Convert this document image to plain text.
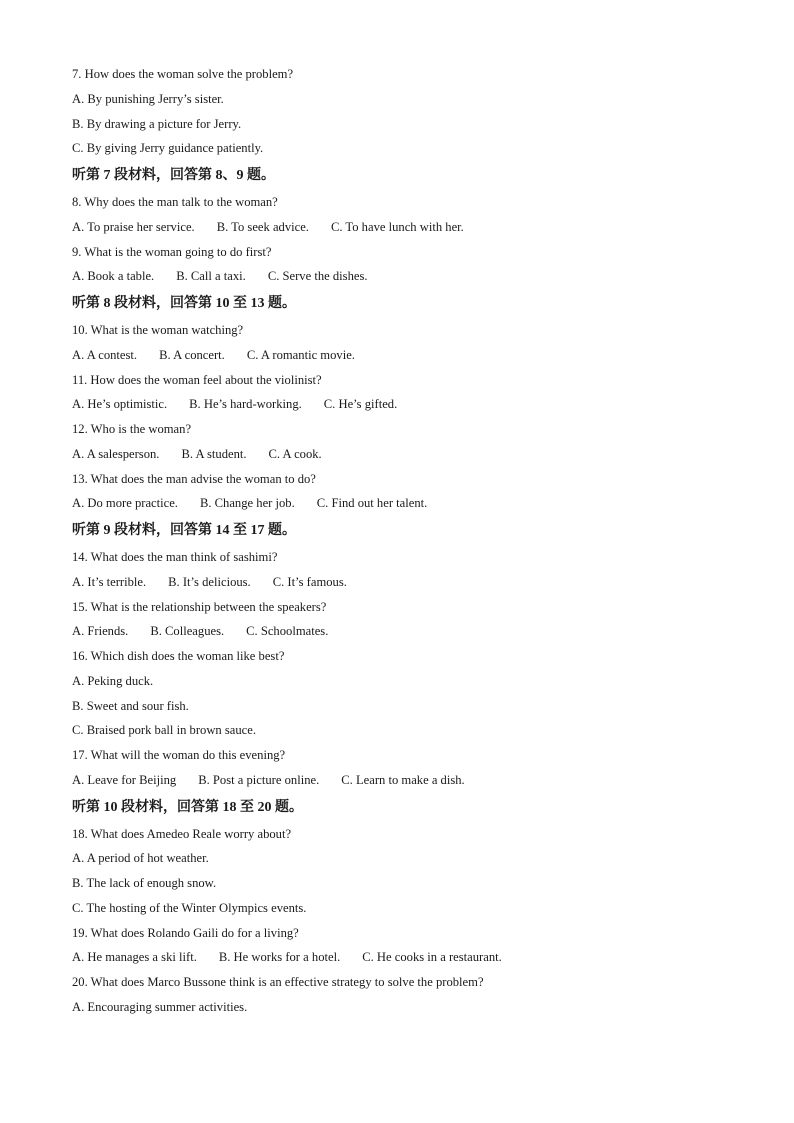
7. How does the woman solve the problem?
A. By punishing Jerry’s sister.
B. By drawing a picture for Jerry.
C. By giving Jerry guidance patiently.
听第 7 段材料，回答第 8、9 题。
8. Why does the man talk to the woman?
A. To praise her service. B. To seek advice. C. To have lunch with her.
9. What is the woman going to do first?
A. Book a table. B. Call a taxi. C. Serve the dishes.
听第 8 段材料，回答第 10 至 13 题。
10. What is the woman watching?
A. A contest. B. A concert. C. A romantic movie.
11. How does the woman feel about the violinist?
A. He’s optimistic. B. He’s hard-working. C. He’s gifted.
12. Who is the woman?
A. A salesperson. B. A student. C. A cook.
13. What does the man advise the woman to do?
A. Do more practice. B. Change her job. C. Find out her talent.
听第 9 段材料，回答第 14 至 17 题。
14. What does the man think of sashimi?
A. It’s terrible. B. It’s delicious. C. It’s famous.
15. What is the relationship between the speakers?
A. Friends. B. Colleagues. C. Schoolmates.
16. Which dish does the woman like best?
A. Peking duck.
B. Sweet and sour fish.
C. Braised pork ball in brown sauce.
17. What will the woman do this evening?
A. Leave for Beijing B. Post a picture online. C. Learn to make a dish.
听第 10 段材料，回答第 18 至 20 题。
18. What does Amedeo Reale worry about?
A. A period of hot weather.
B. The lack of enough snow.
C. The hosting of the Winter Olympics events.
19. What does Rolando Gaili do for a living?
A. He manages a ski lift. B. He works for a hotel. C. He cooks in a restaurant.
20. What does Marco Bussone think is an effective strategy to solve the problem?
A. Encouraging summer activities.
